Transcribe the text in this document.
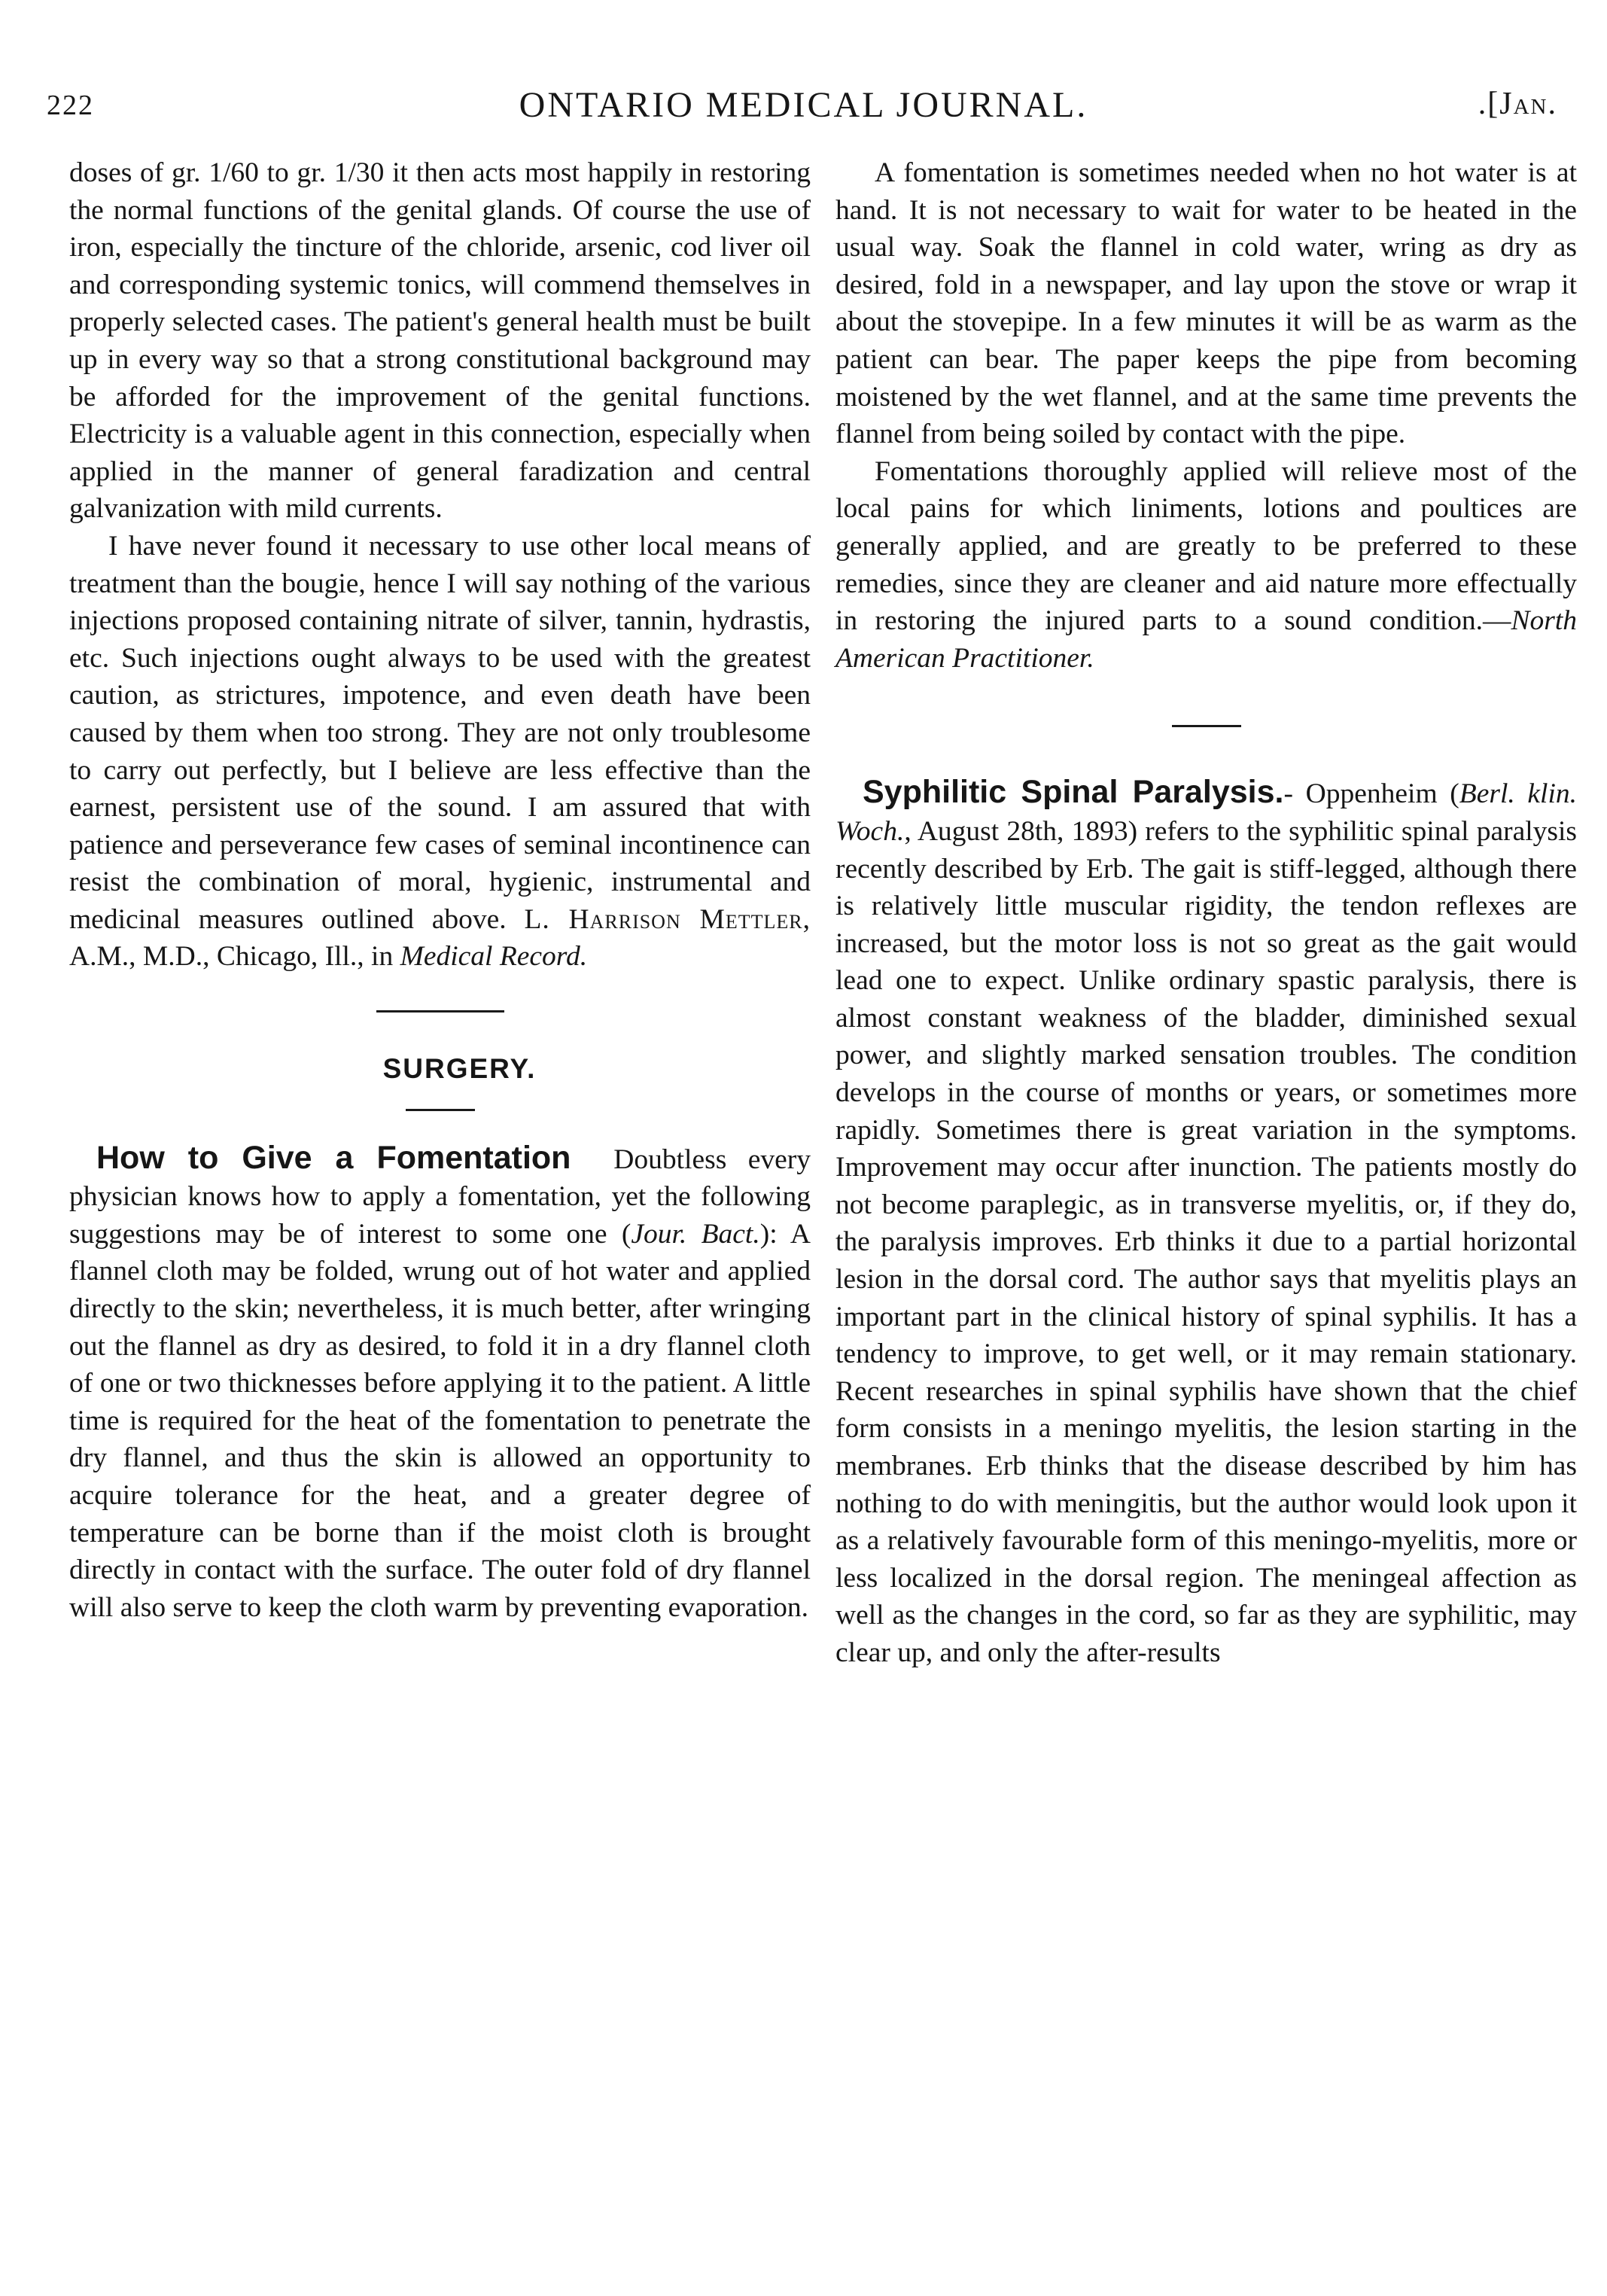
222	ONTARIO MEDICAL JOURNAL.	.[Jan.

doses of gr. 1/60 to gr. 1/30 it then acts most happily in restoring the normal functions of the genital glands. Of course the use of iron, especially the tincture of the chloride, arsenic, cod liver oil and corresponding systemic tonics, will commend themselves in properly selected cases. The patient's general health must be built up in every way so that a strong constitutional background may be afforded for the improvement of the genital functions. Electricity is a valuable agent in this connection, especially when applied in the manner of general faradization and central galvanization with mild currents.

I have never found it necessary to use other local means of treatment than the bougie, hence I will say nothing of the various injections proposed containing nitrate of silver, tannin, hydrastis, etc. Such injections ought always to be used with the greatest caution, as strictures, impotence, and even death have been caused by them when too strong. They are not only troublesome to carry out perfectly, but I believe are less effective than the earnest, persistent use of the sound. I am assured that with patience and perseverance few cases of seminal incontinence can resist the combination of moral, hygienic, instrumental and medicinal measures outlined above. L. Harrison Mettler, A.M., M.D., Chicago, Ill., in Medical Record.

SURGERY.

How to Give a Fomentation Doubtless every physician knows how to apply a fomentation, yet the following suggestions may be of interest to some one (Jour. Bact.): A flannel cloth may be folded, wrung out of hot water and applied directly to the skin; nevertheless, it is much better, after wringing out the flannel as dry as desired, to fold it in a dry flannel cloth of one or two thicknesses before applying it to the patient. A little time is required for the heat of the fomentation to penetrate the dry flannel, and thus the skin is allowed an opportunity to acquire tolerance for the heat, and a greater degree of temperature can be borne than if the moist cloth is brought directly in contact with the surface. The outer fold of dry flannel will also serve to keep the cloth warm by preventing evaporation.

A fomentation is sometimes needed when no hot water is at hand. It is not necessary to wait for water to be heated in the usual way. Soak the flannel in cold water, wring as dry as desired, fold in a newspaper, and lay upon the stove or wrap it about the stovepipe. In a few minutes it will be as warm as the patient can bear. The paper keeps the pipe from becoming moistened by the wet flannel, and at the same time prevents the flannel from being soiled by contact with the pipe.

Fomentations thoroughly applied will relieve most of the local pains for which liniments, lotions and poultices are generally applied, and are greatly to be preferred to these remedies, since they are cleaner and aid nature more effectually in restoring the injured parts to a sound condition.—North American Practitioner.

Syphilitic Spinal Paralysis.- Oppenheim (Berl. klin. Woch., August 28th, 1893) refers to the syphilitic spinal paralysis recently described by Erb. The gait is stiff-legged, although there is relatively little muscular rigidity, the tendon reflexes are increased, but the motor loss is not so great as the gait would lead one to expect. Unlike ordinary spastic paralysis, there is almost constant weakness of the bladder, diminished sexual power, and slightly marked sensation troubles. The condition develops in the course of months or years, or sometimes more rapidly. Sometimes there is great variation in the symptoms. Improvement may occur after inunction. The patients mostly do not become paraplegic, as in transverse myelitis, or, if they do, the paralysis improves. Erb thinks it due to a partial horizontal lesion in the dorsal cord. The author says that myelitis plays an important part in the clinical history of spinal syphilis. It has a tendency to improve, to get well, or it may remain stationary. Recent researches in spinal syphilis have shown that the chief form consists in a meningo myelitis, the lesion starting in the membranes. Erb thinks that the disease described by him has nothing to do with meningitis, but the author would look upon it as a relatively favourable form of this meningo-myelitis, more or less localized in the dorsal region. The meningeal affection as well as the changes in the cord, so far as they are syphilitic, may clear up, and only the after-results
